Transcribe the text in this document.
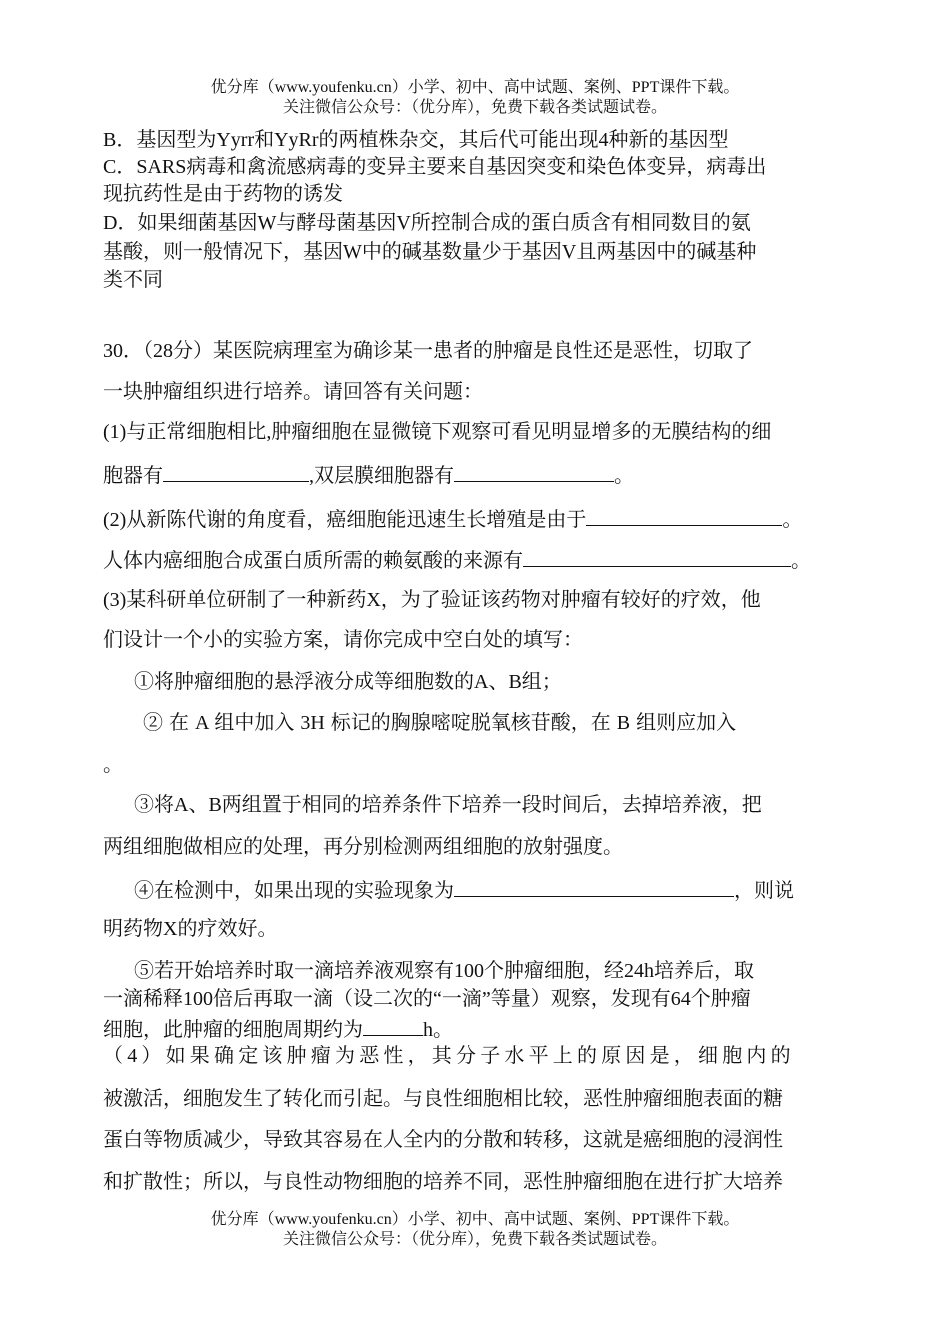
优分库（www.youfenku.cn）小学、初中、高中试题、案例、PPT课件下载。
关注微信公众号：（优分库），免费下载各类试题试卷。
B．基因型为Yyrr和YyRr的两植株杂交，其后代可能出现4种新的基因型
C．SARS病毒和禽流感病毒的变异主要来自基因突变和染色体变异，病毒出
现抗药性是由于药物的诱发
D．如果细菌基因W与酵母菌基因V所控制合成的蛋白质含有相同数目的氨
基酸，则一般情况下，基因W中的碱基数量少于基因V且两基因中的碱基种
类不同
30．（28分）某医院病理室为确诊某一患者的肿瘤是良性还是恶性，切取了
一块肿瘤组织进行培养。请回答有关问题：
(1)与正常细胞相比,肿瘤细胞在显微镜下观察可看见明显增多的无膜结构的细
胞器有	,双层膜细胞器有	。
(2)从新陈代谢的角度看，癌细胞能迅速生长增殖是由于	。
人体内癌细胞合成蛋白质所需的赖氨酸的来源有	。
(3)某科研单位研制了一种新药X，为了验证该药物对肿瘤有较好的疗效，他
们设计一个小的实验方案，请你完成中空白处的填写：
①将肿瘤细胞的悬浮液分成等细胞数的A、B组；
② 在 A 组中加入 3H 标记的胸腺嘧啶脱氧核苷酸，在 B 组则应加入
。
③将A、B两组置于相同的培养条件下培养一段时间后，去掉培养液，把
两组细胞做相应的处理，再分别检测两组细胞的放射强度。
④在检测中，如果出现的实验现象为	，则说
明药物X的疗效好。
⑤若开始培养时取一滴培养液观察有100个肿瘤细胞，经24h培养后，取
一滴稀释100倍后再取一滴（设二次的“一滴”等量）观察，发现有64个肿瘤
细胞，此肿瘤的细胞周期约为	h。
（4）如果确定该肿瘤为恶性，其分子水平上的原因是，细胞内的
被激活，细胞发生了转化而引起。与良性细胞相比较，恶性肿瘤细胞表面的糖
蛋白等物质减少，导致其容易在人全内的分散和转移，这就是癌细胞的浸润性
和扩散性；所以，与良性动物细胞的培养不同，恶性肿瘤细胞在进行扩大培养
优分库（www.youfenku.cn）小学、初中、高中试题、案例、PPT课件下载。
关注微信公众号：（优分库），免费下载各类试题试卷。
